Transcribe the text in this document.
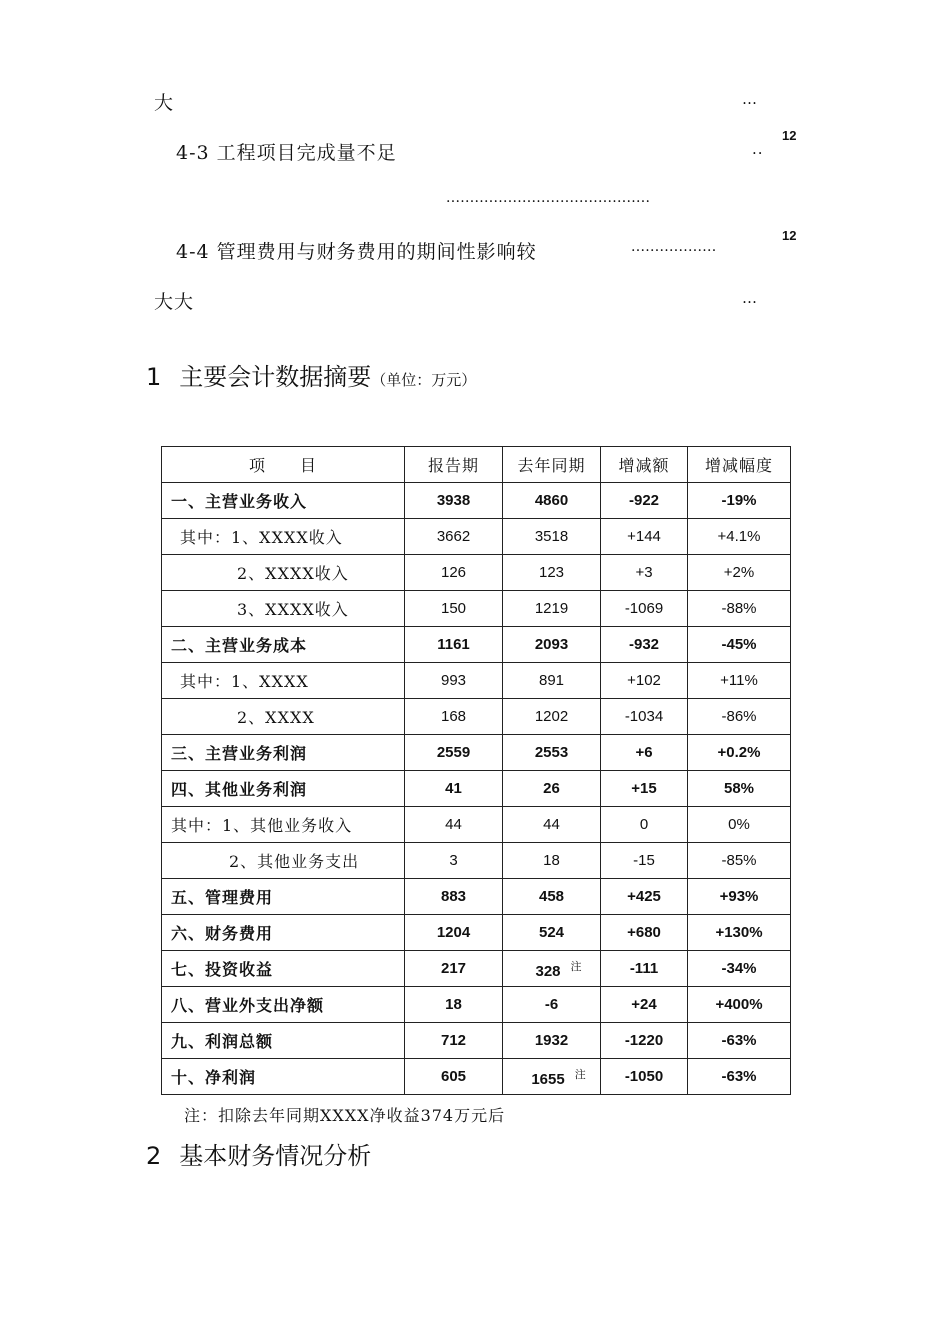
大	…
4-3 工程项目完成量不足	..
12
...........................................
4-4 管理费用与财务费用的期间性影响较	..................
12
大大	…
1 主要会计数据摘要（单位：万元）
项　　目	报告期	去年同期	增减额	增减幅度
一、主营业务收入	3938	4860	-922	-19%
其中：1、XXXX收入	3662	3518	+144	+4.1%
2、XXXX收入	126	123	+3	+2%
3、XXXX收入	150	1219	-1069	-88%
二、主营业务成本	1161	2093	-932	-45%
其中：1、XXXX	993	891	+102	+11%
2、XXXX	168	1202	-1034	-86%
三、主营业务利润	2559	2553	+6	+0.2%
四、其他业务利润	41	26	+15	58%
其中：1、其他业务收入	44	44	0	0%
2、其他业务支出	3	18	-15	-85%
五、管理费用	883	458	+425	+93%
六、财务费用	1204	524	+680	+130%
七、投资收益	217	328 $^注$	-111	-34%
八、营业外支出净额	18	-6	+24	+400%
九、利润总额	712	1932	-1220	-63%
十、净利润	605	1655 $^注$	-1050	-63%
注：扣除去年同期XXXX净收益374万元后
2 基本财务情况分析
